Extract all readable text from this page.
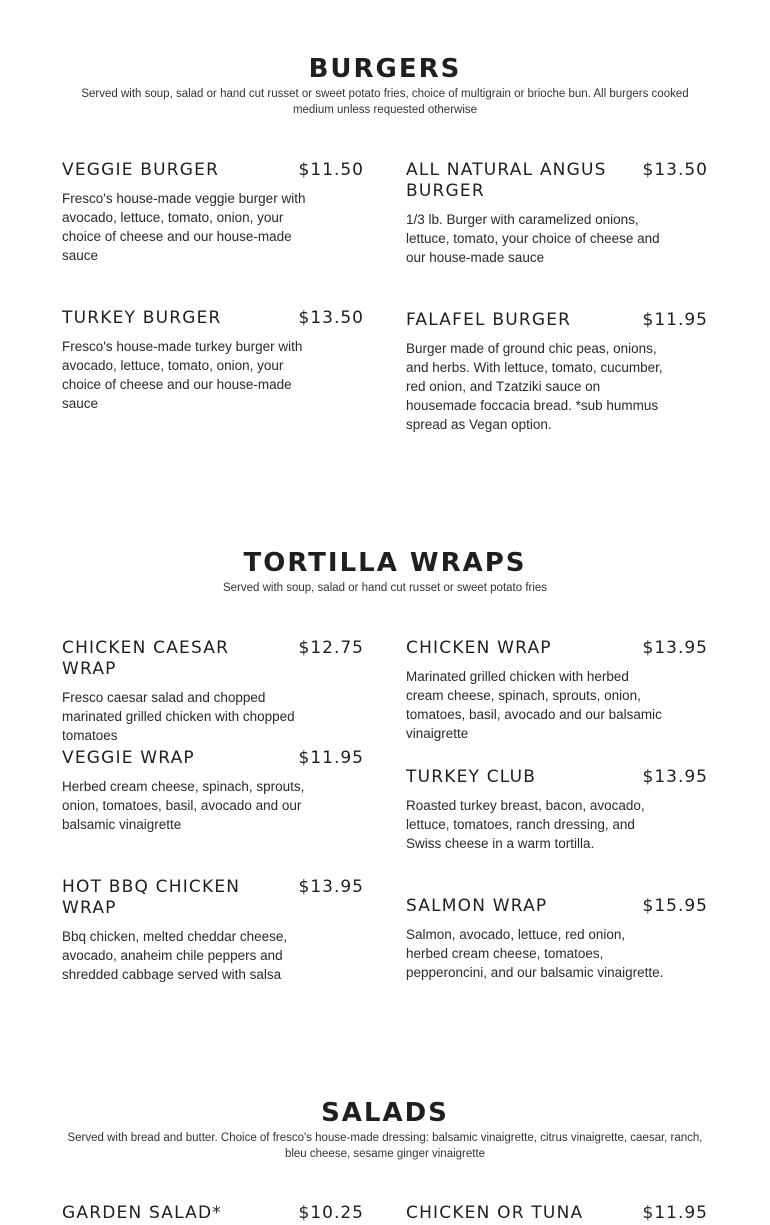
BURGERS

Served with soup, salad or hand cut russet or sweet potato fries, choice of multigrain or brioche bun. All burgers cooked medium unless requested otherwise

VEGGIE BURGER	$11.50
Fresco's house-made veggie burger with avocado, lettuce, tomato, onion, your choice of cheese and our house-made sauce
ALL NATURAL ANGUS BURGER
$13.50
1/3 lb. Burger with caramelized onions, lettuce, tomato, your choice of cheese and our house-made sauce
TURKEY BURGER	$13.50
Fresco's house-made turkey burger with avocado, lettuce, tomato, onion, your choice of cheese and our house-made sauce
FALAFEL BURGER	$11.95
Burger made of ground chic peas, onions, and herbs. With lettuce, tomato, cucumber, red onion, and Tzatziki sauce on housemade foccacia bread. *sub hummus spread as Vegan option.
TORTILLA WRAPS

Served with soup, salad or hand cut russet or sweet potato fries

CHICKEN CAESAR WRAP
$12.75
Fresco caesar salad and chopped marinated grilled chicken with chopped tomatoes
CHICKEN WRAP	$13.95
Marinated grilled chicken with herbed cream cheese, spinach, sprouts, onion, tomatoes, basil, avocado and our balsamic vinaigrette
VEGGIE WRAP	$11.95
Herbed cream cheese, spinach, sprouts, onion, tomatoes, basil, avocado and our balsamic vinaigrette
TURKEY CLUB	$13.95
Roasted turkey breast, bacon, avocado, lettuce, tomatoes, ranch dressing, and Swiss cheese in a warm tortilla.
HOT BBQ CHICKEN WRAP
$13.95
Bbq chicken, melted cheddar cheese, avocado, anaheim chile peppers and shredded cabbage served with salsa
SALMON WRAP	$15.95
Salmon, avocado, lettuce, red onion, herbed cream cheese, tomatoes, pepperoncini, and our balsamic vinaigrette.
SALADS

Served with bread and butter. Choice of fresco's house-made dressing: balsamic vinaigrette, citrus vinaigrette, caesar, ranch, bleu cheese, sesame ginger vinaigrette

GARDEN SALAD*	$10.25 CHICKEN OR TUNA	$11.95
